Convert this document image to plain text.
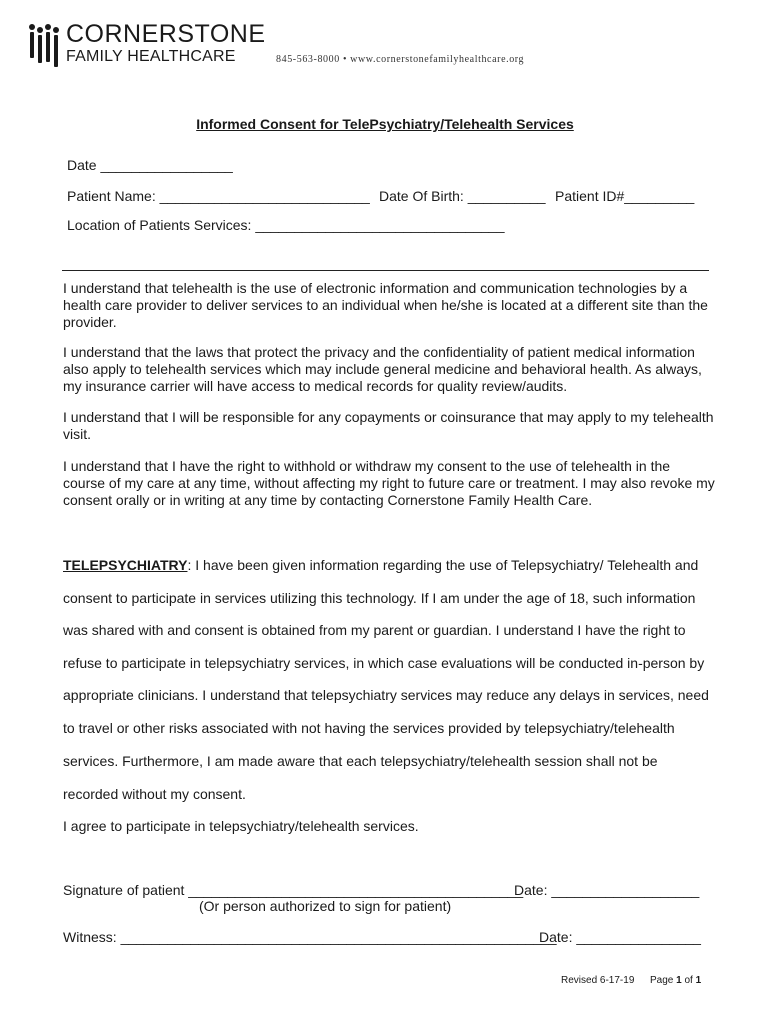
CORNERSTONE
FAMILY HEALTHCARE	845-563-8000 • www.cornerstonefamilyhealthcare.org
Informed Consent for TelePsychiatry/Telehealth Services
Date _________________
Patient Name: ___________________________ Date Of Birth: __________ Patient ID#_________
Location of Patients Services: ________________________________

I understand that telehealth is the use of electronic information and communication technologies by a health care provider to deliver services to an individual when he/she is located at a different site than the provider.

I understand that the laws that protect the privacy and the confidentiality of patient medical information also apply to telehealth services which may include general medicine and behavioral health. As always, my insurance carrier will have access to medical records for quality review/audits.

I understand that I will be responsible for any copayments or coinsurance that may apply to my telehealth visit.

I understand that I have the right to withhold or withdraw my consent to the use of telehealth in the course of my care at any time, without affecting my right to future care or treatment. I may also revoke my consent orally or in writing at any time by contacting Cornerstone Family Health Care.

TELEPSYCHIATRY: I have been given information regarding the use of Telepsychiatry/ Telehealth and
consent to participate in services utilizing this technology. If I am under the age of 18, such information
was shared with and consent is obtained from my parent or guardian. I understand I have the right to
refuse to participate in telepsychiatry services, in which case evaluations will be conducted in-person by
appropriate clinicians. I understand that telepsychiatry services may reduce any delays in services, need
to travel or other risks associated with not having the services provided by telepsychiatry/telehealth
services. Furthermore, I am made aware that each telepsychiatry/telehealth session shall not be
recorded without my consent.
I agree to participate in telepsychiatry/telehealth services.
Signature of patient ___________________________________________
Date: ___________________
(Or person authorized to sign for patient)
Witness: ________________________________________________________
Date: ________________
Revised 6-17-19 Page 1 of 1
